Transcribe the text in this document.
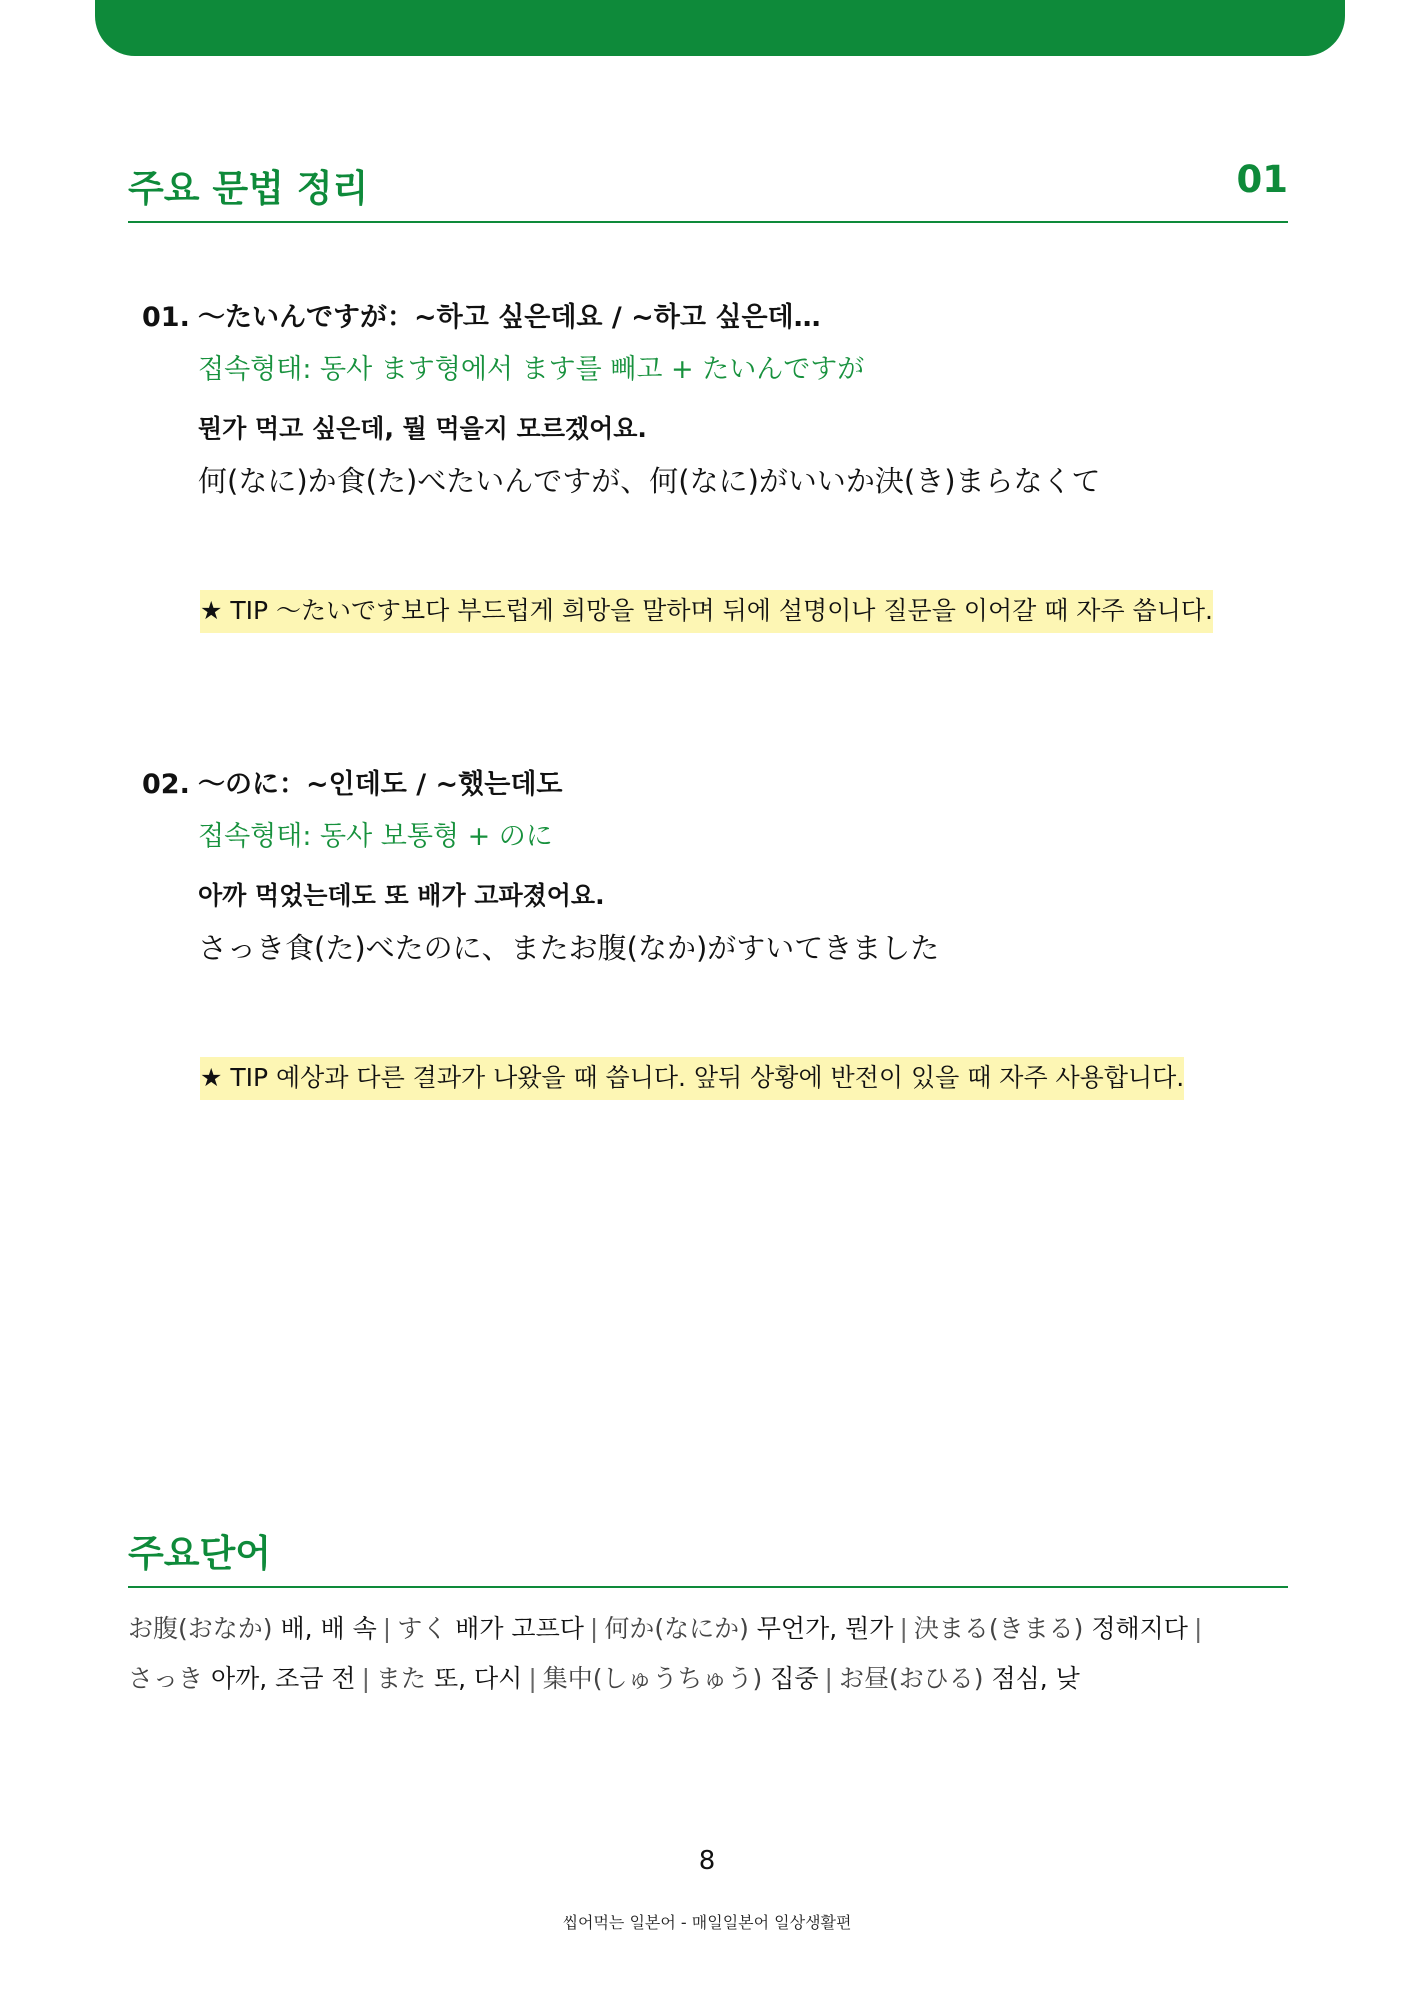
주요 문법 정리	01
01. ～たいんですが：~하고 싶은데요 / ~하고 싶은데…
접속형태: 동사 ます형에서 ます를 빼고 + たいんですが
뭔가 먹고 싶은데, 뭘 먹을지 모르겠어요.
何(なに)か食(た)べたいんですが、何(なに)がいいか決(き)まらなくて
★ TIP ～たいです보다 부드럽게 희망을 말하며 뒤에 설명이나 질문을 이어갈 때 자주 씁니다.
02. ～のに：~인데도 / ~했는데도
접속형태: 동사 보통형 + のに
아까 먹었는데도 또 배가 고파졌어요.
さっき食(た)べたのに、またお腹(なか)がすいてきました
★ TIP 예상과 다른 결과가 나왔을 때 씁니다. 앞뒤 상황에 반전이 있을 때 자주 사용합니다.
주요단어
お腹(おなか) 배, 배 속 | すく 배가 고프다 | 何か(なにか) 무언가, 뭔가 | 決まる(きまる) 정해지다 |さっき 아까, 조금 전 | また 또, 다시 | 集中(しゅうちゅう) 집중 | お昼(おひる) 점심, 낮
8
씹어먹는 일본어 - 매일일본어 일상생활편
